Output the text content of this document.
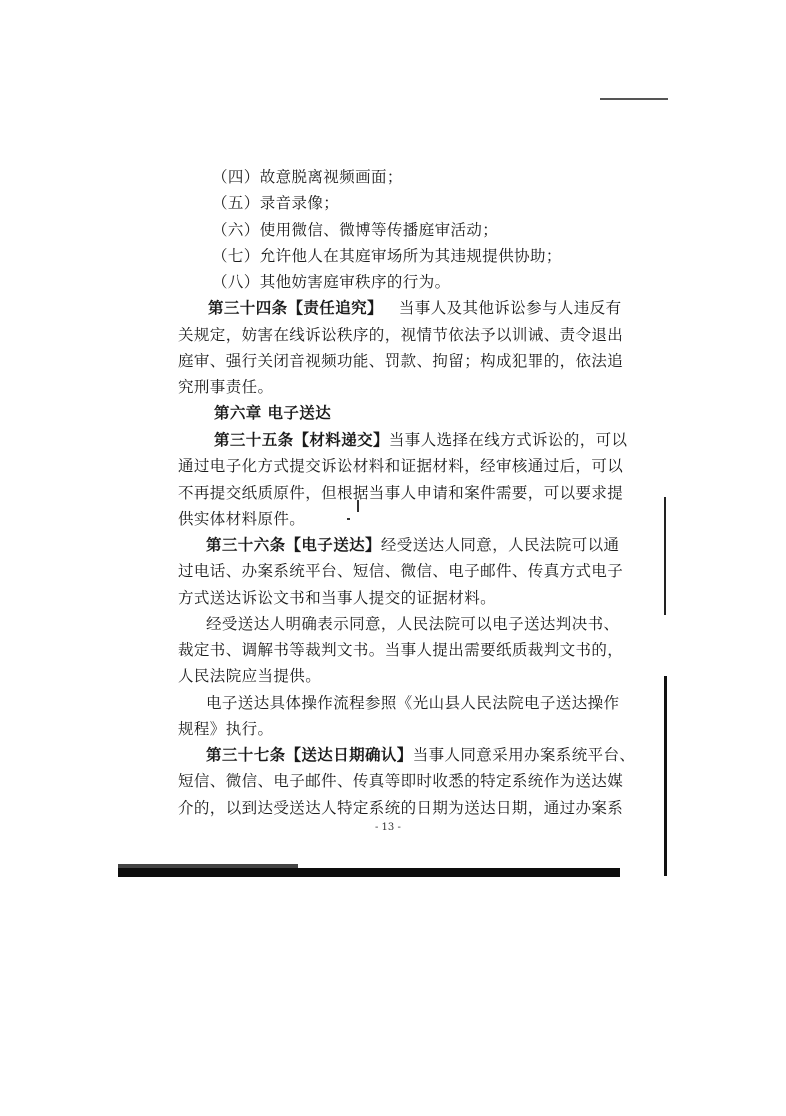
（四）故意脱离视频画面；
（五）录音录像；
（六）使用微信、微博等传播庭审活动；
（七）允许他人在其庭审场所为其违规提供协助；
（八）其他妨害庭审秩序的行为。
第三十四条【责任追究】 当事人及其他诉讼参与人违反有
关规定，妨害在线诉讼秩序的，视情节依法予以训诫、责令退出
庭审、强行关闭音视频功能、罚款、拘留；构成犯罪的，依法追
究刑事责任。
第六章 电子送达
第三十五条【材料递交】当事人选择在线方式诉讼的，可以
通过电子化方式提交诉讼材料和证据材料，经审核通过后，可以
不再提交纸质原件，但根据当事人申请和案件需要，可以要求提
供实体材料原件。
第三十六条【电子送达】经受送达人同意，人民法院可以通
过电话、办案系统平台、短信、微信、电子邮件、传真方式电子
方式送达诉讼文书和当事人提交的证据材料。
经受送达人明确表示同意，人民法院可以电子送达判决书、
裁定书、调解书等裁判文书。当事人提出需要纸质裁判文书的，
人民法院应当提供。
电子送达具体操作流程参照《光山县人民法院电子送达操作
规程》执行。
第三十七条【送达日期确认】当事人同意采用办案系统平台、
短信、微信、电子邮件、传真等即时收悉的特定系统作为送达媒
介的，以到达受送达人特定系统的日期为送达日期，通过办案系
- 13 -
